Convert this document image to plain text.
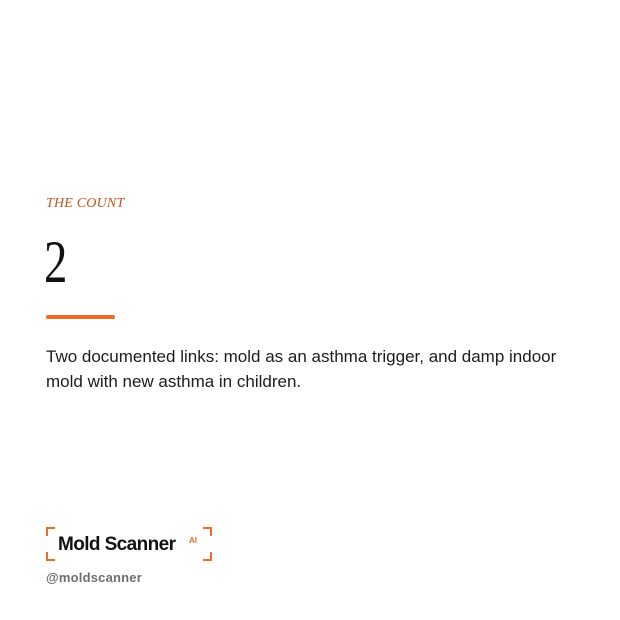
THE COUNT
2
Two documented links: mold as an asthma trigger, and damp indoor mold with new asthma in children.
Mold Scanner AI
@moldscanner
